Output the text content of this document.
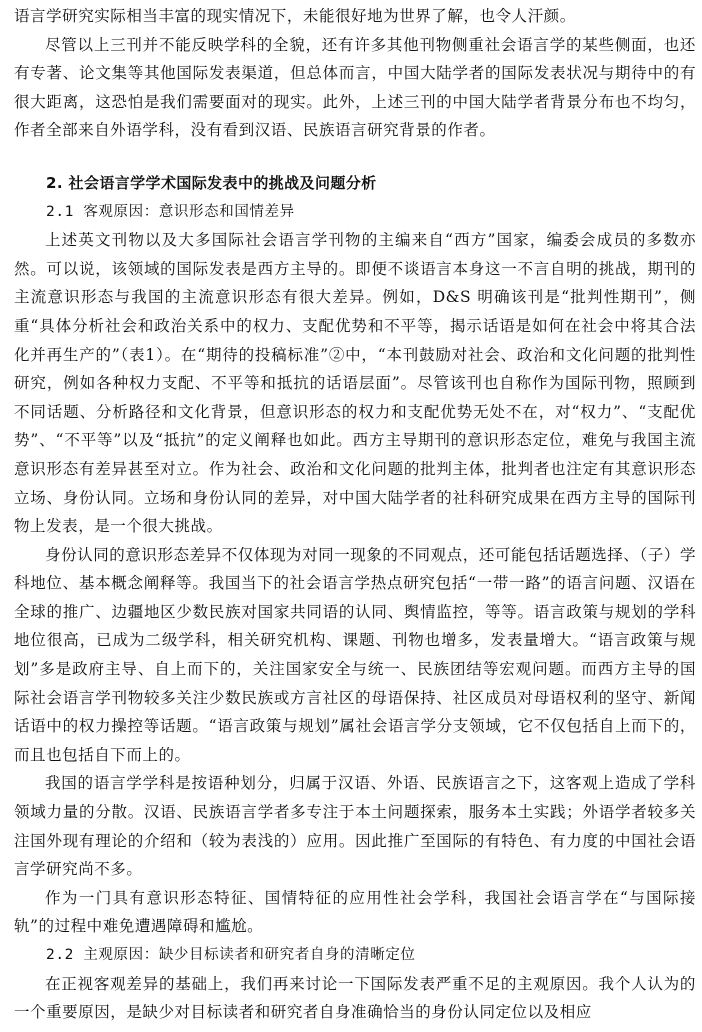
语言学研究实际相当丰富的现实情况下，未能很好地为世界了解，也令人汗颜。

尽管以上三刊并不能反映学科的全貌，还有许多其他刊物侧重社会语言学的某些侧面，也还有专著、论文集等其他国际发表渠道，但总体而言，中国大陆学者的国际发表状况与期待中的有很大距离，这恐怕是我们需要面对的现实。此外，上述三刊的中国大陆学者背景分布也不均匀，作者全部来自外语学科，没有看到汉语、民族语言研究背景的作者。

2. 社会语言学学术国际发表中的挑战及问题分析

2.1 客观原因：意识形态和国情差异

上述英文刊物以及大多国际社会语言学刊物的主编来自“西方”国家，编委会成员的多数亦然。可以说，该领域的国际发表是西方主导的。即便不谈语言本身这一不言自明的挑战，期刊的主流意识形态与我国的主流意识形态有很大差异。例如，D&S 明确该刊是“批判性期刊”，侧重“具体分析社会和政治关系中的权力、支配优势和不平等，揭示话语是如何在社会中将其合法化并再生产的”（表1）。在“期待的投稿标准”②中，“本刊鼓励对社会、政治和文化问题的批判性研究，例如各种权力支配、不平等和抵抗的话语层面”。尽管该刊也自称作为国际刊物，照顾到不同话题、分析路径和文化背景，但意识形态的权力和支配优势无处不在，对“权力”、“支配优势”、“不平等”以及“抵抗”的定义阐释也如此。西方主导期刊的意识形态定位，难免与我国主流意识形态有差异甚至对立。作为社会、政治和文化问题的批判主体，批判者也注定有其意识形态立场、身份认同。立场和身份认同的差异，对中国大陆学者的社科研究成果在西方主导的国际刊物上发表，是一个很大挑战。

身份认同的意识形态差异不仅体现为对同一现象的不同观点，还可能包括话题选择、（子）学科地位、基本概念阐释等。我国当下的社会语言学热点研究包括“一带一路”的语言问题、汉语在全球的推广、边疆地区少数民族对国家共同语的认同、舆情监控，等等。语言政策与规划的学科地位很高，已成为二级学科，相关研究机构、课题、刊物也增多，发表量增大。“语言政策与规划”多是政府主导、自上而下的，关注国家安全与统一、民族团结等宏观问题。而西方主导的国际社会语言学刊物较多关注少数民族或方言社区的母语保持、社区成员对母语权利的坚守、新闻话语中的权力操控等话题。“语言政策与规划”属社会语言学分支领域，它不仅包括自上而下的，而且也包括自下而上的。

我国的语言学学科是按语种划分，归属于汉语、外语、民族语言之下，这客观上造成了学科领域力量的分散。汉语、民族语言学者多专注于本土问题探索，服务本土实践；外语学者较多关注国外现有理论的介绍和（较为表浅的）应用。因此推广至国际的有特色、有力度的中国社会语言学研究尚不多。

作为一门具有意识形态特征、国情特征的应用性社会学科，我国社会语言学在“与国际接轨”的过程中难免遭遇障碍和尴尬。

2.2 主观原因：缺少目标读者和研究者自身的清晰定位

在正视客观差异的基础上，我们再来讨论一下国际发表严重不足的主观原因。我个人认为的一个重要原因，是缺少对目标读者和研究者自身准确恰当的身份认同定位以及相应
